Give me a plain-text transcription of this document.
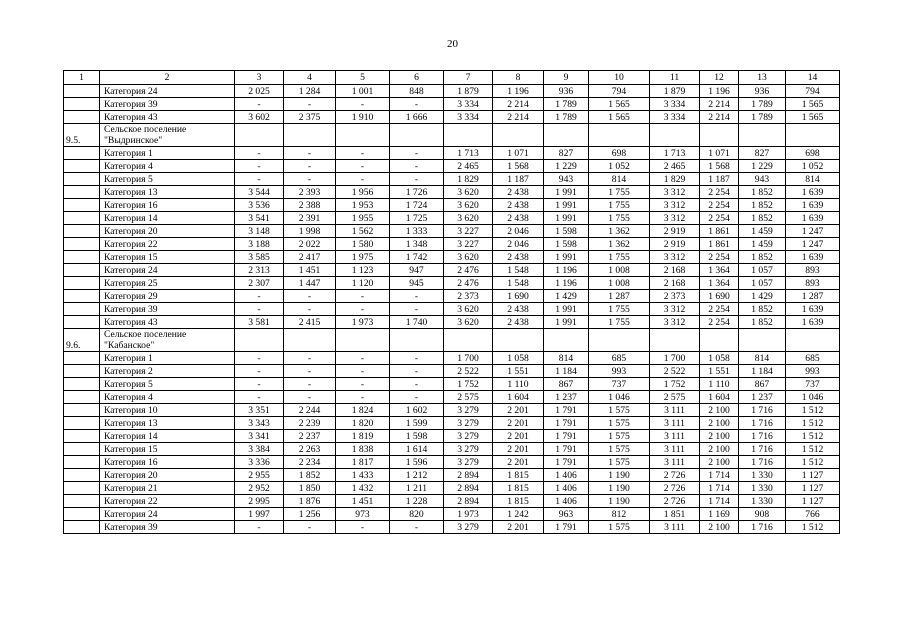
20
1	2	3	4	5	6	7	8	9	10	11	12	13	14
	Категория 24	2 025	1 284	1 001	848	1 879	1 196	936	794	1 879	1 196	936	794
	Категория 39	-	-	-	-	3 334	2 214	1 789	1 565	3 334	2 214	1 789	1 565
	Категория 43	3 602	2 375	1 910	1 666	3 334	2 214	1 789	1 565	3 334	2 214	1 789	1 565
9.5.	Сельское поселение
"Выдринское"												

	Категория 1	-	-	-	-	1 713	1 071	827	698	1 713	1 071	827	698
	Категория 4	-	-	-	-	2 465	1 568	1 229	1 052	2 465	1 568	1 229	1 052
	Категория 5	-	-	-	-	1 829	1 187	943	814	1 829	1 187	943	814
	Категория 13	3 544	2 393	1 956	1 726	3 620	2 438	1 991	1 755	3 312	2 254	1 852	1 639
	Категория 16	3 536	2 388	1 953	1 724	3 620	2 438	1 991	1 755	3 312	2 254	1 852	1 639
	Категория 14	3 541	2 391	1 955	1 725	3 620	2 438	1 991	1 755	3 312	2 254	1 852	1 639
	Категория 20	3 148	1 998	1 562	1 333	3 227	2 046	1 598	1 362	2 919	1 861	1 459	1 247
	Категория 22	3 188	2 022	1 580	1 348	3 227	2 046	1 598	1 362	2 919	1 861	1 459	1 247
	Категория 15	3 585	2 417	1 975	1 742	3 620	2 438	1 991	1 755	3 312	2 254	1 852	1 639
	Категория 24	2 313	1 451	1 123	947	2 476	1 548	1 196	1 008	2 168	1 364	1 057	893
	Категория 25	2 307	1 447	1 120	945	2 476	1 548	1 196	1 008	2 168	1 364	1 057	893
	Категория 29	-	-	-	-	2 373	1 690	1 429	1 287	2 373	1 690	1 429	1 287
	Категория 39	-	-	-	-	3 620	2 438	1 991	1 755	3 312	2 254	1 852	1 639
	Категория 43	3 581	2 415	1 973	1 740	3 620	2 438	1 991	1 755	3 312	2 254	1 852	1 639
9.6.	Сельское поселение
"Кабанское"												

	Категория 1	-	-	-	-	1 700	1 058	814	685	1 700	1 058	814	685
	Категория 2	-	-	-	-	2 522	1 551	1 184	993	2 522	1 551	1 184	993
	Категория 5	-	-	-	-	1 752	1 110	867	737	1 752	1 110	867	737
	Категория 4	-	-	-	-	2 575	1 604	1 237	1 046	2 575	1 604	1 237	1 046
	Категория 10	3 351	2 244	1 824	1 602	3 279	2 201	1 791	1 575	3 111	2 100	1 716	1 512
	Категория 13	3 343	2 239	1 820	1 599	3 279	2 201	1 791	1 575	3 111	2 100	1 716	1 512
	Категория 14	3 341	2 237	1 819	1 598	3 279	2 201	1 791	1 575	3 111	2 100	1 716	1 512
	Категория 15	3 384	2 263	1 838	1 614	3 279	2 201	1 791	1 575	3 111	2 100	1 716	1 512
	Категория 16	3 336	2 234	1 817	1 596	3 279	2 201	1 791	1 575	3 111	2 100	1 716	1 512
	Категория 20	2 955	1 852	1 433	1 212	2 894	1 815	1 406	1 190	2 726	1 714	1 330	1 127
	Категория 21	2 952	1 850	1 432	1 211	2 894	1 815	1 406	1 190	2 726	1 714	1 330	1 127
	Категория 22	2 995	1 876	1 451	1 228	2 894	1 815	1 406	1 190	2 726	1 714	1 330	1 127
	Категория 24	1 997	1 256	973	820	1 973	1 242	963	812	1 851	1 169	908	766
	Категория 39	-	-	-	-	3 279	2 201	1 791	1 575	3 111	2 100	1 716	1 512
